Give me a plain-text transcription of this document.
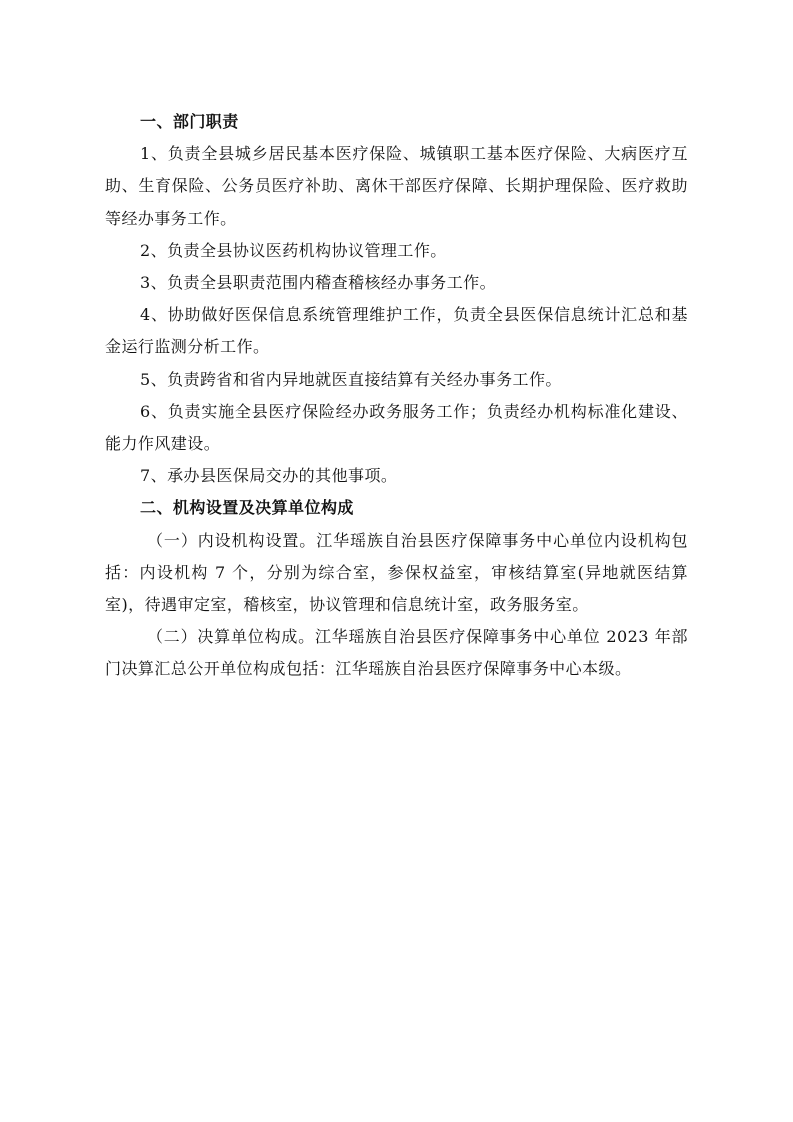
一、部门职责

1、负责全县城乡居民基本医疗保险、城镇职工基本医疗保险、大病医疗互助、生育保险、公务员医疗补助、离休干部医疗保障、长期护理保险、医疗救助等经办事务工作。

2、负责全县协议医药机构协议管理工作。

3、负责全县职责范围内稽查稽核经办事务工作。

4、协助做好医保信息系统管理维护工作，负责全县医保信息统计汇总和基金运行监测分析工作。

5、负责跨省和省内异地就医直接结算有关经办事务工作。

6、负责实施全县医疗保险经办政务服务工作；负责经办机构标准化建设、能力作风建设。

7、承办县医保局交办的其他事项。

二、机构设置及决算单位构成

（一）内设机构设置。江华瑶族自治县医疗保障事务中心单位内设机构包括：内设机构 7 个，分别为综合室，参保权益室，审核结算室(异地就医结算室)，待遇审定室，稽核室，协议管理和信息统计室，政务服务室。

（二）决算单位构成。江华瑶族自治县医疗保障事务中心单位 2023 年部门决算汇总公开单位构成包括：江华瑶族自治县医疗保障事务中心本级。
